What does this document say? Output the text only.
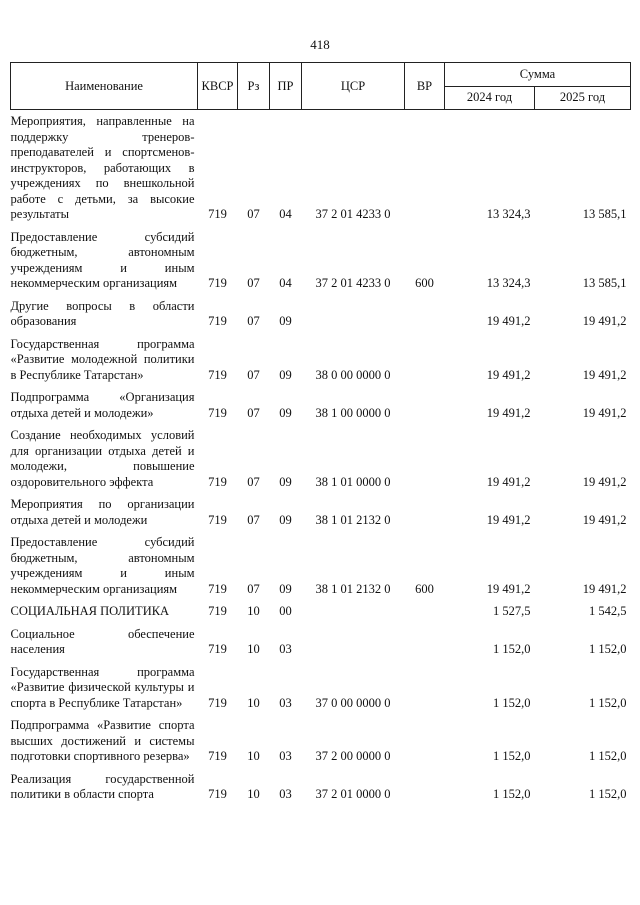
418
Наименование	КВСР	Рз	ПР	ЦСР	ВР	Сумма	
						2024 год	2025 год
Мероприятия, направленные на поддержку тренеров-преподавателей и спортсменов-инструкторов, работающих в учреждениях по внешкольной работе с детьми, за высокие результаты	719	07	04	37 2 01 4233 0		13 324,3	13 585,1
Предоставление субсидий бюджетным, автономным учреждениям и иным некоммерческим организациям	719	07	04	37 2 01 4233 0	600	13 324,3	13 585,1
Другие вопросы в области образования	719	07	09			19 491,2	19 491,2
Государственная программа «Развитие молодежной политики в Республике Татарстан»	719	07	09	38 0 00 0000 0		19 491,2	19 491,2
Подпрограмма «Организация отдыха детей и молодежи»	719	07	09	38 1 00 0000 0		19 491,2	19 491,2
Создание необходимых условий для организации отдыха детей и молодежи, повышение оздоровительного эффекта	719	07	09	38 1 01 0000 0		19 491,2	19 491,2
Мероприятия по организации отдыха детей и молодежи	719	07	09	38 1 01 2132 0		19 491,2	19 491,2
Предоставление субсидий бюджетным, автономным учреждениям и иным некоммерческим организациям	719	07	09	38 1 01 2132 0	600	19 491,2	19 491,2
СОЦИАЛЬНАЯ ПОЛИТИКА	719	10	00			1 527,5	1 542,5
Социальное обеспечение населения	719	10	03			1 152,0	1 152,0
Государственная программа «Развитие физической культуры и спорта в Республике Татарстан»	719	10	03	37 0 00 0000 0		1 152,0	1 152,0
Подпрограмма «Развитие спорта высших достижений и системы подготовки спортивного резерва»	719	10	03	37 2 00 0000 0		1 152,0	1 152,0
Реализация государственной политики в области спорта	719	10	03	37 2 01 0000 0		1 152,0	1 152,0
